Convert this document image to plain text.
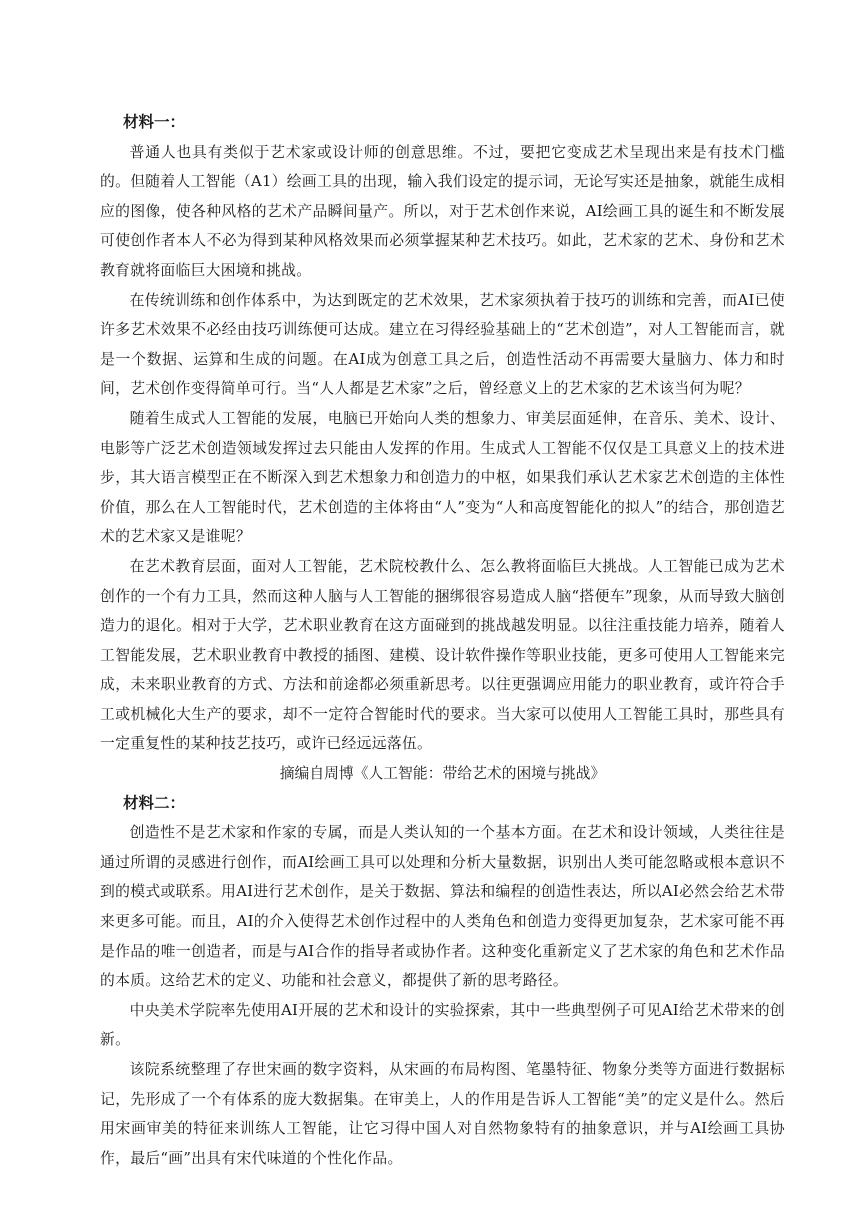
材料一：

普通人也具有类似于艺术家或设计师的创意思维。不过，要把它变成艺术呈现出来是有技术门槛的。但随着人工智能（A1）绘画工具的出现，输入我们设定的提示词，无论写实还是抽象，就能生成相应的图像，使各种风格的艺术产品瞬间量产。所以，对于艺术创作来说，AI绘画工具的诞生和不断发展可使创作者本人不必为得到某种风格效果而必须掌握某种艺术技巧。如此，艺术家的艺术、身份和艺术教育就将面临巨大困境和挑战。

在传统训练和创作体系中，为达到既定的艺术效果，艺术家须执着于技巧的训练和完善，而AI已使许多艺术效果不必经由技巧训练便可达成。建立在习得经验基础上的“艺术创造”，对人工智能而言，就是一个数据、运算和生成的问题。在AI成为创意工具之后，创造性活动不再需要大量脑力、体力和时间，艺术创作变得简单可行。当“人人都是艺术家”之后，曾经意义上的艺术家的艺术该当何为呢？

随着生成式人工智能的发展，电脑已开始向人类的想象力、审美层面延伸，在音乐、美术、设计、电影等广泛艺术创造领域发挥过去只能由人发挥的作用。生成式人工智能不仅仅是工具意义上的技术进步，其大语言模型正在不断深入到艺术想象力和创造力的中枢，如果我们承认艺术家艺术创造的主体性价值，那么在人工智能时代，艺术创造的主体将由“人”变为“人和高度智能化的拟人”的结合，那创造艺术的艺术家又是谁呢？

在艺术教育层面，面对人工智能，艺术院校教什么、怎么教将面临巨大挑战。人工智能已成为艺术创作的一个有力工具，然而这种人脑与人工智能的捆绑很容易造成人脑“搭便车”现象，从而导致大脑创造力的退化。相对于大学，艺术职业教育在这方面碰到的挑战越发明显。以往注重技能力培养，随着人工智能发展，艺术职业教育中教授的插图、建模、设计软件操作等职业技能，更多可使用人工智能来完成，未来职业教育的方式、方法和前途都必须重新思考。以往更强调应用能力的职业教育，或许符合手工或机械化大生产的要求，却不一定符合智能时代的要求。当大家可以使用人工智能工具时，那些具有一定重复性的某种技艺技巧，或许已经远远落伍。

摘编自周博《人工智能：带给艺术的困境与挑战》

材料二：

创造性不是艺术家和作家的专属，而是人类认知的一个基本方面。在艺术和设计领域，人类往往是通过所谓的灵感进行创作，而AI绘画工具可以处理和分析大量数据，识别出人类可能忽略或根本意识不到的模式或联系。用AI进行艺术创作，是关于数据、算法和编程的创造性表达，所以AI必然会给艺术带来更多可能。而且，AI的介入使得艺术创作过程中的人类角色和创造力变得更加复杂，艺术家可能不再是作品的唯一创造者，而是与AI合作的指导者或协作者。这种变化重新定义了艺术家的角色和艺术作品的本质。这给艺术的定义、功能和社会意义，都提供了新的思考路径。

中央美术学院率先使用AI开展的艺术和设计的实验探索，其中一些典型例子可见AI给艺术带来的创新。

该院系统整理了存世宋画的数字资料，从宋画的布局构图、笔墨特征、物象分类等方面进行数据标记，先形成了一个有体系的庞大数据集。在审美上，人的作用是告诉人工智能“美”的定义是什么。然后用宋画审美的特征来训练人工智能，让它习得中国人对自然物象特有的抽象意识，并与AI绘画工具协作，最后“画”出具有宋代味道的个性化作品。
